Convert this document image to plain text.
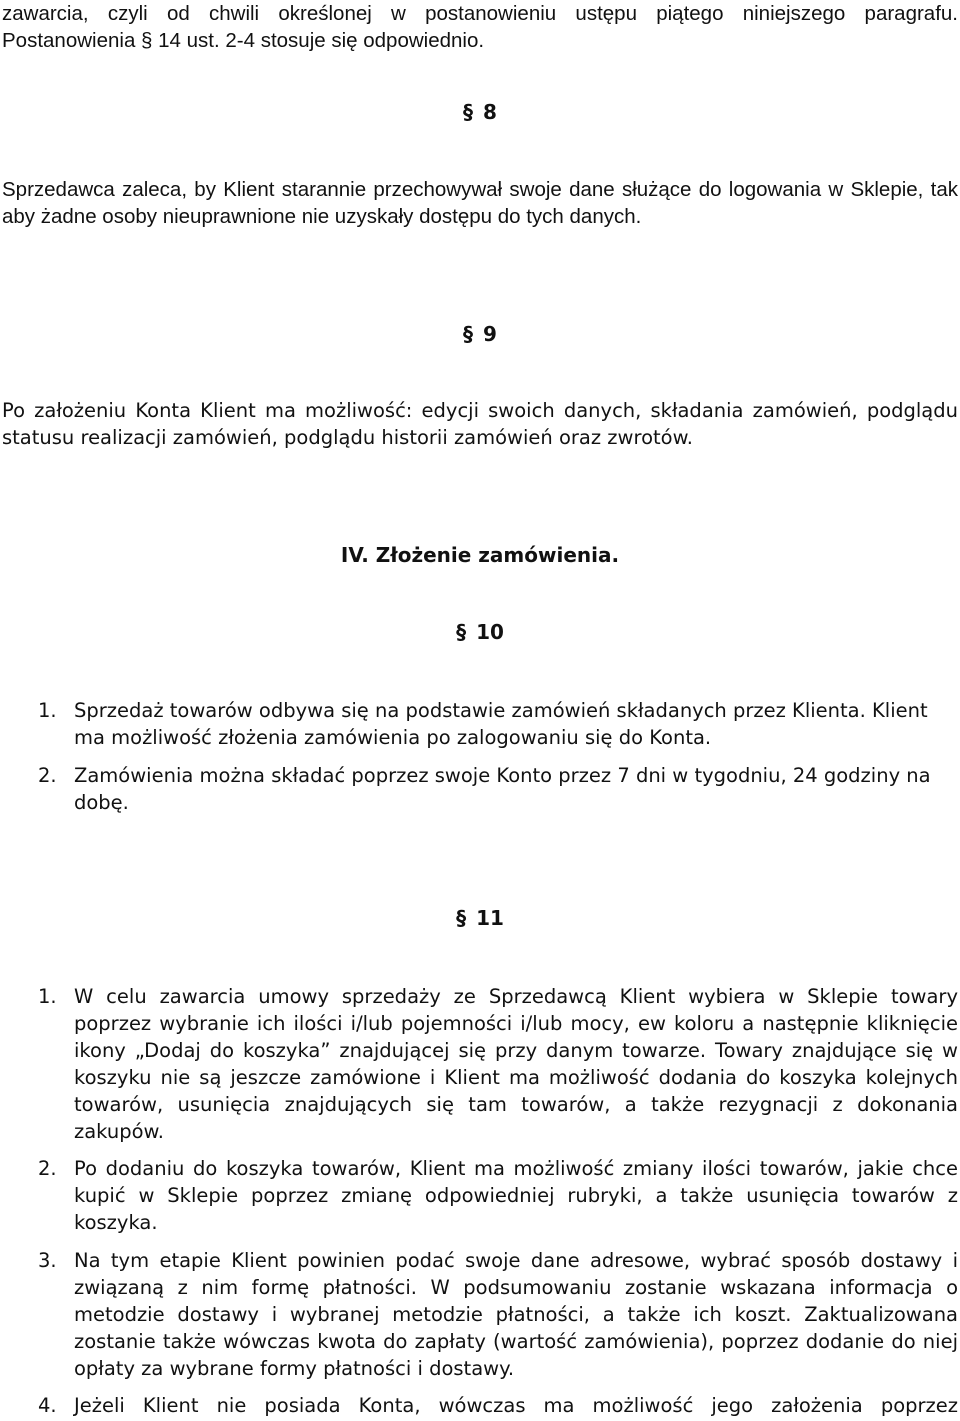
zawarcia, czyli od chwili określonej w postanowieniu ustępu piątego niniejszego paragrafu. Postanowienia § 14 ust. 2-4 stosuje się odpowiednio.

§ 8

Sprzedawca zaleca, by Klient starannie przechowywał swoje dane służące do logowania w Sklepie, tak aby żadne osoby nieuprawnione nie uzyskały dostępu do tych danych.

§ 9

Po założeniu Konta Klient ma możliwość: edycji swoich danych, składania zamówień, podglądu statusu realizacji zamówień, podglądu historii zamówień oraz zwrotów.

IV. Złożenie zamówienia.

§ 10

1. Sprzedaż towarów odbywa się na podstawie zamówień składanych przez Klienta. Klient ma możliwość złożenia zamówienia po zalogowaniu się do Konta.
2. Zamówienia można składać poprzez swoje Konto przez 7 dni w tygodniu, 24 godziny na dobę.

§ 11

1. W celu zawarcia umowy sprzedaży ze Sprzedawcą Klient wybiera w Sklepie towary poprzez wybranie ich ilości i/lub pojemności i/lub mocy, ew koloru a następnie kliknięcie ikony „Dodaj do koszyka” znajdującej się przy danym towarze. Towary znajdujące się w koszyku nie są jeszcze zamówione i Klient ma możliwość dodania do koszyka kolejnych towarów, usunięcia znajdujących się tam towarów, a także rezygnacji z dokonania zakupów.
2. Po dodaniu do koszyka towarów, Klient ma możliwość zmiany ilości towarów, jakie chce kupić w Sklepie poprzez zmianę odpowiedniej rubryki, a także usunięcia towarów z koszyka.
3. Na tym etapie Klient powinien podać swoje dane adresowe, wybrać sposób dostawy i związaną z nim formę płatności. W podsumowaniu zostanie wskazana informacja o metodzie dostawy i wybranej metodzie płatności, a także ich koszt. Zaktualizowana zostanie także wówczas kwota do zapłaty (wartość zamówienia), poprzez dodanie do niej opłaty za wybrane formy płatności i dostawy.
4. Jeżeli Klient nie posiada Konta, wówczas ma możliwość jego założenia poprzez
